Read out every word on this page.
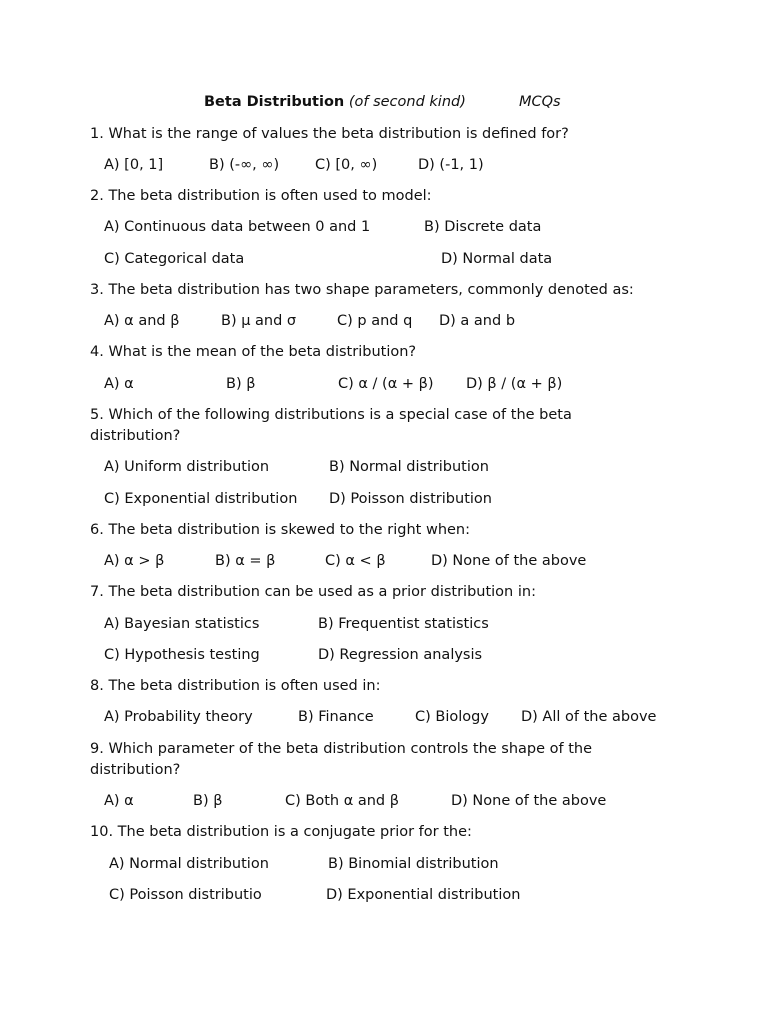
Beta Distribution (of second kind)	MCQs
1. What is the range of values the beta distribution is defined for?
A) [0, 1]	B) (-∞, ∞) C) [0, ∞)	D) (-1, 1)
2. The beta distribution is often used to model:
A) Continuous data between 0 and 1	B) Discrete data
C) Categorical data	D) Normal data
3. The beta distribution has two shape parameters, commonly denoted as:
A) α and β	B) μ and σ	C) p and q D) a and b
4. What is the mean of the beta distribution?
A) α	B) β	C) α / (α + β) D) β / (α + β)
5. Which of the following distributions is a special case of the beta
distribution?
A) Uniform distribution	B) Normal distribution
C) Exponential distribution D) Poisson distribution
6. The beta distribution is skewed to the right when:
A) α > β	B) α = β	C) α < β	D) None of the above
7. The beta distribution can be used as a prior distribution in:
A) Bayesian statistics	B) Frequentist statistics
C) Hypothesis testing	D) Regression analysis
8. The beta distribution is often used in:
A) Probability theory	B) Finance	C) Biology D) All of the above
9. Which parameter of the beta distribution controls the shape of the
distribution?
A) α	B) β	C) Both α and β	D) None of the above
10. The beta distribution is a conjugate prior for the:
A) Normal distribution	B) Binomial distribution
C) Poisson distributio	D) Exponential distribution
